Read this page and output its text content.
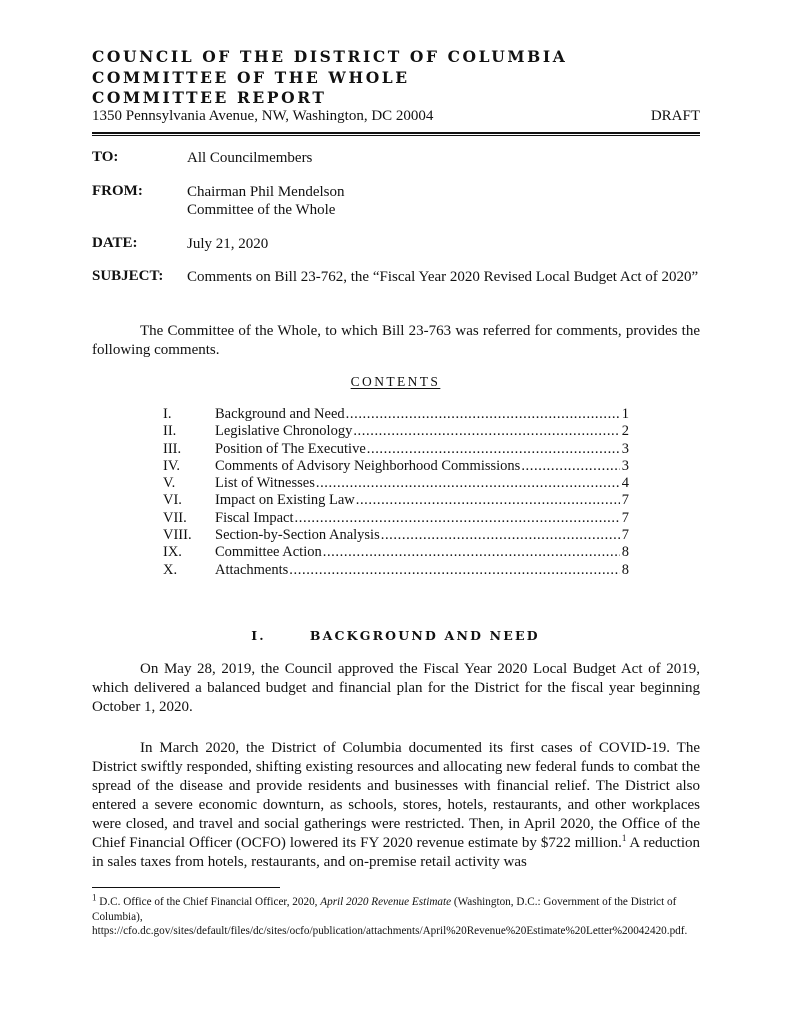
COUNCIL OF THE DISTRICT OF COLUMBIA
COMMITTEE OF THE WHOLE
COMMITTEE REPORT
1350 Pennsylvania Avenue, NW, Washington, DC 20004	DRAFT
TO:	All Councilmembers
FROM:	Chairman Phil Mendelson
Committee of the Whole
DATE:	July 21, 2020
SUBJECT: Comments on Bill 23-762, the “Fiscal Year 2020 Revised Local Budget Act of 2020”
The Committee of the Whole, to which Bill 23-763 was referred for comments, provides the following comments.
CONTENTS
I.	Background and Need .....	1
II.	Legislative Chronology .....	2
III.	Position of The Executive .....	3
IV.	Comments of Advisory Neighborhood Commissions .....	3
V.	List of Witnesses .....	4
VI.	Impact on Existing Law .....	7
VII.	Fiscal Impact .....	7
VIII.	Section-by-Section Analysis .....	7
IX.	Committee Action .....	8
X.	Attachments .....	8
I.	BACKGROUND AND NEED
On May 28, 2019, the Council approved the Fiscal Year 2020 Local Budget Act of 2019, which delivered a balanced budget and financial plan for the District for the fiscal year beginning October 1, 2020.
In March 2020, the District of Columbia documented its first cases of COVID-19. The District swiftly responded, shifting existing resources and allocating new federal funds to combat the spread of the disease and provide residents and businesses with financial relief. The District also entered a severe economic downturn, as schools, stores, hotels, restaurants, and other workplaces were closed, and travel and social gatherings were restricted. Then, in April 2020, the Office of the Chief Financial Officer (OCFO) lowered its FY 2020 revenue estimate by $722 million.$^1$ A reduction in sales taxes from hotels, restaurants, and on-premise retail activity was
$^1$ D.C. Office of the Chief Financial Officer, 2020, April 2020 Revenue Estimate (Washington, D.C.: Government of the District of Columbia),
https://cfo.dc.gov/sites/default/files/dc/sites/ocfo/publication/attachments/April%20Revenue%20Estimate%20Letter%20042420.pdf.
